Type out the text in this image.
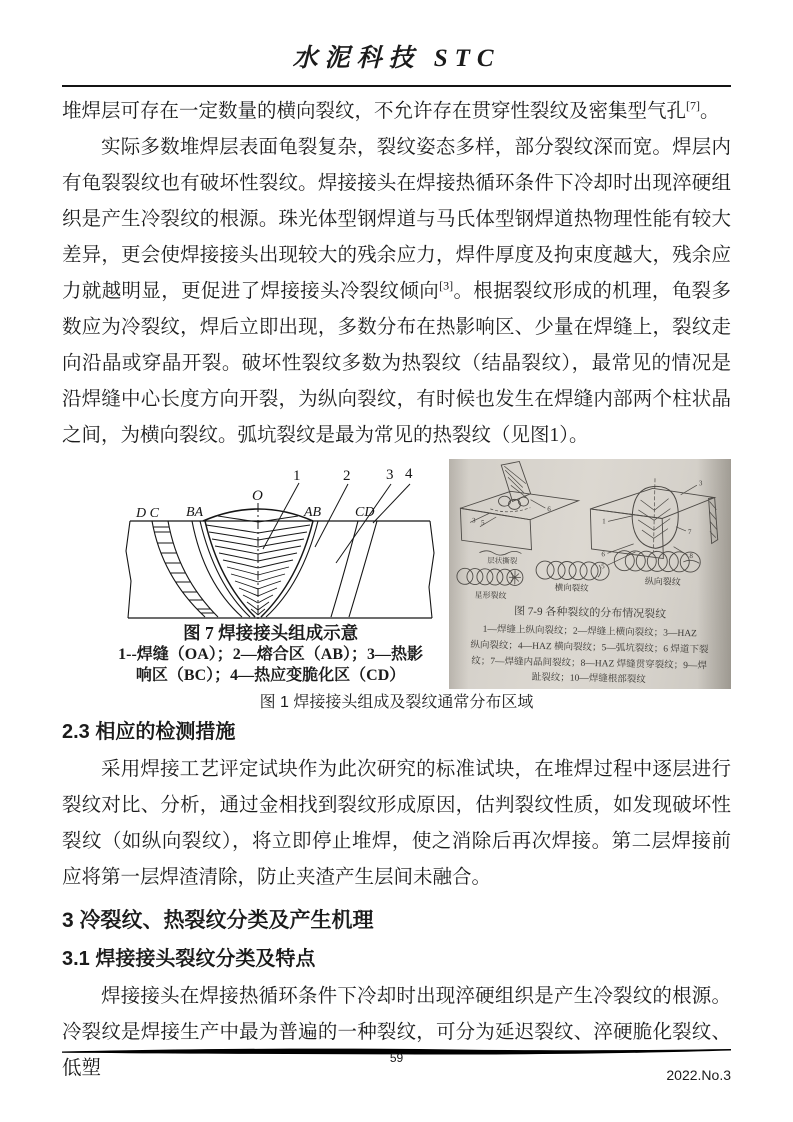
水泥科技 STC

堆焊层可存在一定数量的横向裂纹，不允许存在贯穿性裂纹及密集型气孔[7]。

实际多数堆焊层表面龟裂复杂，裂纹姿态多样，部分裂纹深而宽。焊层内有龟裂裂纹也有破坏性裂纹。焊接接头在焊接热循环条件下冷却时出现淬硬组织是产生冷裂纹的根源。珠光体型钢焊道与马氏体型钢焊道热物理性能有较大差异，更会使焊接接头出现较大的残余应力，焊件厚度及拘束度越大，残余应力就越明显，更促进了焊接接头冷裂纹倾向[3]。根据裂纹形成的机理，龟裂多数应为冷裂纹，焊后立即出现，多数分布在热影响区、少量在焊缝上，裂纹走向沿晶或穿晶开裂。破坏性裂纹多数为热裂纹（结晶裂纹），最常见的情况是沿焊缝中心长度方向开裂，为纵向裂纹，有时候也发生在焊缝内部两个柱状晶之间，为横向裂纹。弧坑裂纹是最为常见的热裂纹（见图1）。

1	2 3 4
O
D C BA	AB CD
图 7 焊接接头组成示意
1--焊缝（OA）；2—熔合区（AB）；3—热影
响区（BC）；4—热应变脆化区（CD）
3 5
6
1
3
7
6	8
5
层状撕裂
星形裂纹
横向裂纹
纵向裂纹
图 7-9 各种裂纹的分布情况裂纹
1—焊缝上纵向裂纹；2—焊缝上横向裂纹；3—HAZ
纵向裂纹；4—HAZ 横向裂纹；5—弧坑裂纹；6 焊道下裂
纹；7—焊缝内晶间裂纹；8—HAZ 焊缝贯穿裂纹；9—焊
趾裂纹；10—焊缝根部裂纹
图 1 焊接接头组成及裂纹通常分布区域
2.3 相应的检测措施

采用焊接工艺评定试块作为此次研究的标准试块，在堆焊过程中逐层进行裂纹对比、分析，通过金相找到裂纹形成原因，估判裂纹性质，如发现破坏性裂纹（如纵向裂纹），将立即停止堆焊，使之消除后再次焊接。第二层焊接前应将第一层焊渣清除，防止夹渣产生层间未融合。

3 冷裂纹、热裂纹分类及产生机理
3.1 焊接接头裂纹分类及特点

焊接接头在焊接热循环条件下冷却时出现淬硬组织是产生冷裂纹的根源。冷裂纹是焊接生产中最为普遍的一种裂纹，可分为延迟裂纹、淬硬脆化裂纹、低塑	59
2022.No.3
